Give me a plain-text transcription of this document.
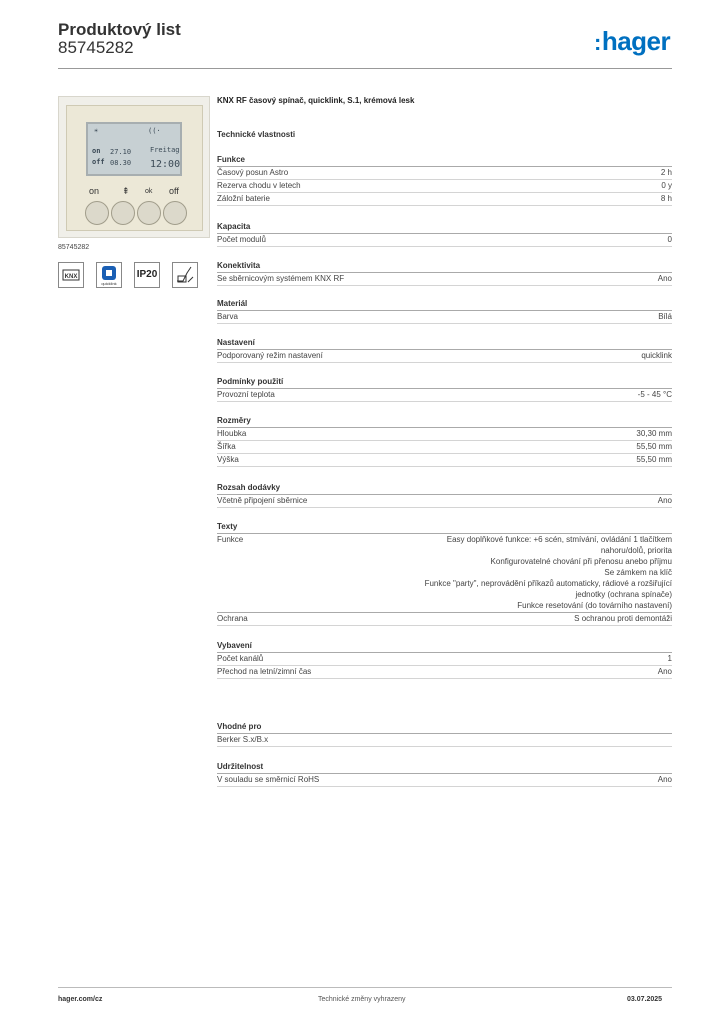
Produktový list
85745282	:hager
☀	((·
on 27.10	Freitag
off 08.30 12:00
on	⇞ ok off
85745282
KNX
quicklink
IP20
KNX RF časový spínač, quicklink, S.1, krémová lesk
Technické vlastnosti
Funkce
Časový posun Astro	2 h
Rezerva chodu v letech	0 y
Záložní baterie	8 h
Kapacita
Počet modulů	0
Konektivita
Se sběrnicovým systémem KNX RF	Ano
Materiál
Barva	Bílá
Nastavení
Podporovaný režim nastavení	quicklink
Podmínky použití
Provozní teplota	-5 - 45 °C
Rozměry
Hloubka	30,30 mm
Šířka	55,50 mm
Výška	55,50 mm
Rozsah dodávky
Včetně připojení sběrnice	Ano
Texty
Funkce	Easy doplňkové funkce: +6 scén, stmívání, ovládání 1 tlačítkem
nahoru/dolů, priorita
Konfigurovatelné chování při přenosu anebo příjmu
Se zámkem na klíč
Funkce "party", neprovádění příkazů automaticky, rádiové a rozšiřující
jednotky (ochrana spínače)
Funkce resetování (do továrního nastavení)
Ochrana	S ochranou proti demontáži
Vybavení
Počet kanálů	1
Přechod na letní/zimní čas	Ano
Vhodné pro
Berker S.x/B.x
Udržitelnost
V souladu se směrnicí RoHS	Ano
hager.com/cz	Technické změny vyhrazeny	03.07.2025
